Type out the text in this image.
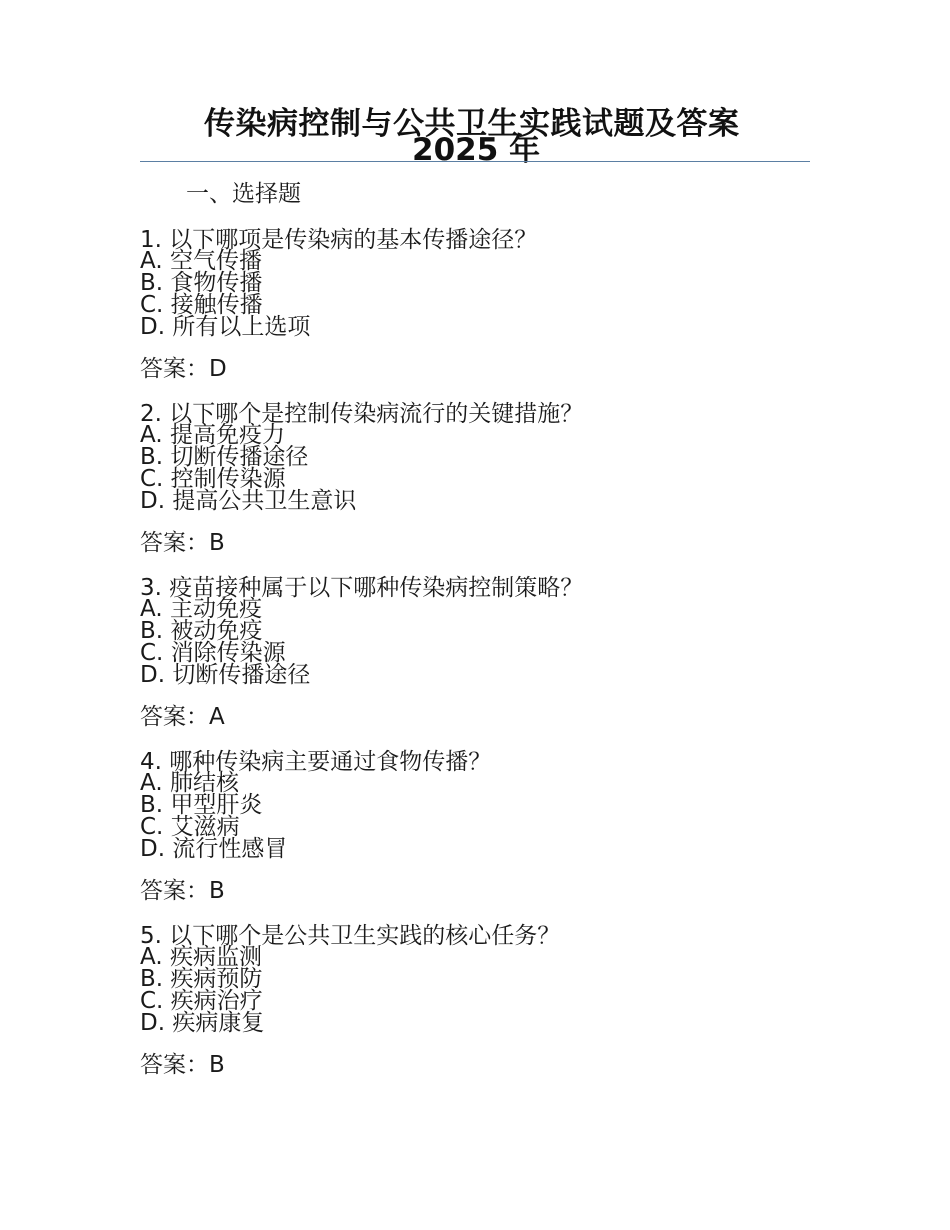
传染病控制与公共卫生实践试题及答案
2025 年
一、选择题
1. 以下哪项是传染病的基本传播途径？
A. 空气传播
B. 食物传播
C. 接触传播
D. 所有以上选项
答案：D
2. 以下哪个是控制传染病流行的关键措施？
A. 提高免疫力
B. 切断传播途径
C. 控制传染源
D. 提高公共卫生意识
答案：B
3. 疫苗接种属于以下哪种传染病控制策略？
A. 主动免疫
B. 被动免疫
C. 消除传染源
D. 切断传播途径
答案：A
4. 哪种传染病主要通过食物传播？
A. 肺结核
B. 甲型肝炎
C. 艾滋病
D. 流行性感冒
答案：B
5. 以下哪个是公共卫生实践的核心任务？
A. 疾病监测
B. 疾病预防
C. 疾病治疗
D. 疾病康复
答案：B
